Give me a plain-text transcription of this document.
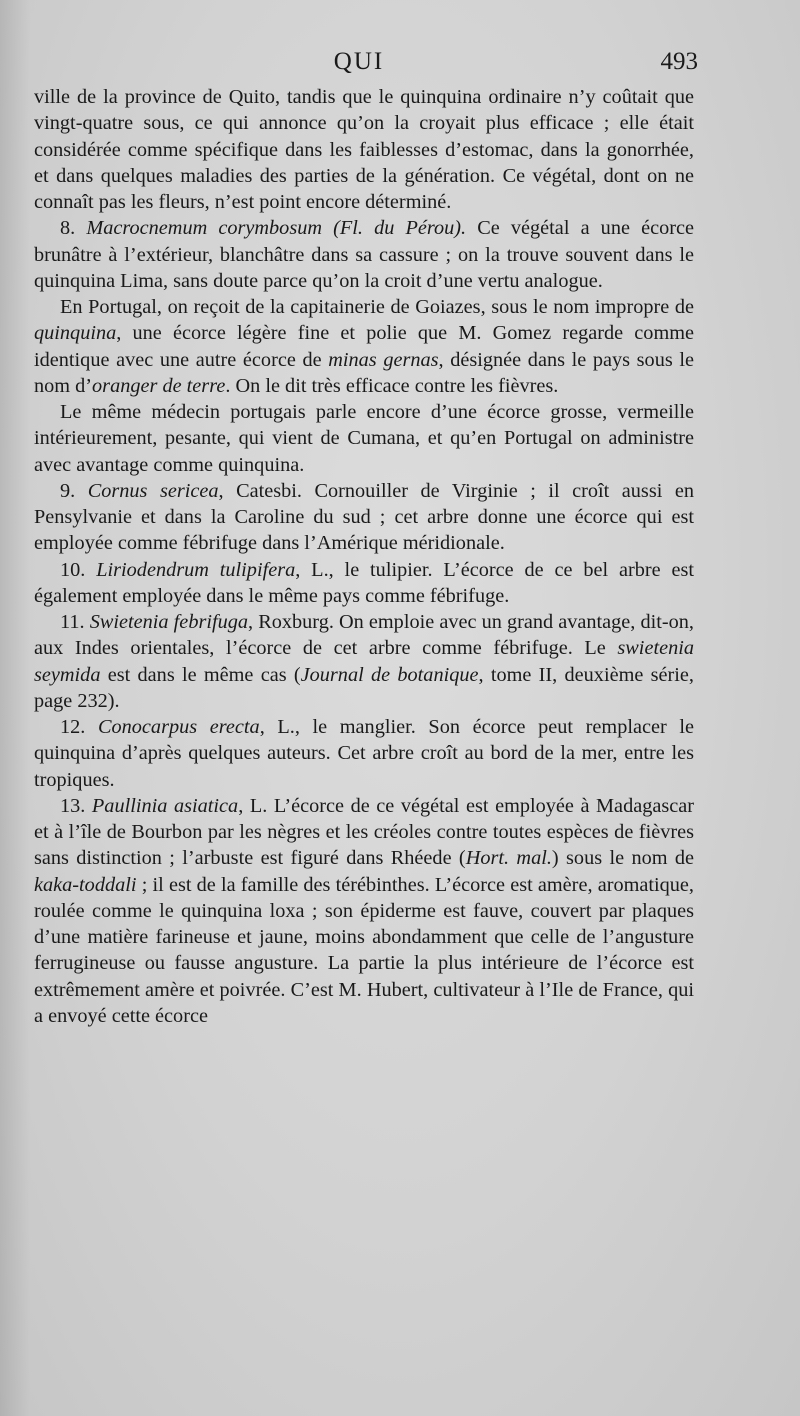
QUI	493

ville de la province de Quito, tandis que le quinquina ordinaire n’y coûtait que vingt-quatre sous, ce qui annonce qu’on la croyait plus efficace ; elle était considérée comme spécifique dans les faiblesses d’estomac, dans la gonorrhée, et dans quelques maladies des parties de la génération. Ce végétal, dont on ne connaît pas les fleurs, n’est point encore déterminé.

8. Macrocnemum corymbosum (Fl. du Pérou). Ce végétal a une écorce brunâtre à l’extérieur, blanchâtre dans sa cassure ; on la trouve souvent dans le quinquina Lima, sans doute parce qu’on la croit d’une vertu analogue.

En Portugal, on reçoit de la capitainerie de Goiazes, sous le nom impropre de quinquina, une écorce légère fine et polie que M. Gomez regarde comme identique avec une autre écorce de minas gernas, désignée dans le pays sous le nom d’oranger de terre. On le dit très efficace contre les fièvres.

Le même médecin portugais parle encore d’une écorce grosse, vermeille intérieurement, pesante, qui vient de Cumana, et qu’en Portugal on administre avec avantage comme quinquina.

9. Cornus sericea, Catesbi. Cornouiller de Virginie ; il croît aussi en Pensylvanie et dans la Caroline du sud ; cet arbre donne une écorce qui est employée comme fébrifuge dans l’Amérique méridionale.

10. Liriodendrum tulipifera, L., le tulipier. L’écorce de ce bel arbre est également employée dans le même pays comme fébrifuge.

11. Swietenia febrifuga, Roxburg. On emploie avec un grand avantage, dit-on, aux Indes orientales, l’écorce de cet arbre comme fébrifuge. Le swietenia seymida est dans le même cas (Journal de botanique, tome II, deuxième série, page 232).

12. Conocarpus erecta, L., le manglier. Son écorce peut remplacer le quinquina d’après quelques auteurs. Cet arbre croît au bord de la mer, entre les tropiques.

13. Paullinia asiatica, L. L’écorce de ce végétal est employée à Madagascar et à l’île de Bourbon par les nègres et les créoles contre toutes espèces de fièvres sans distinction ; l’arbuste est figuré dans Rhéede (Hort. mal.) sous le nom de kaka-toddali ; il est de la famille des térébinthes. L’écorce est amère, aromatique, roulée comme le quinquina loxa ; son épiderme est fauve, couvert par plaques d’une matière farineuse et jaune, moins abondamment que celle de l’angusture ferrugineuse ou fausse angusture. La partie la plus intérieure de l’écorce est extrêmement amère et poivrée. C’est M. Hubert, cultivateur à l’Ile de France, qui a envoyé cette écorce
